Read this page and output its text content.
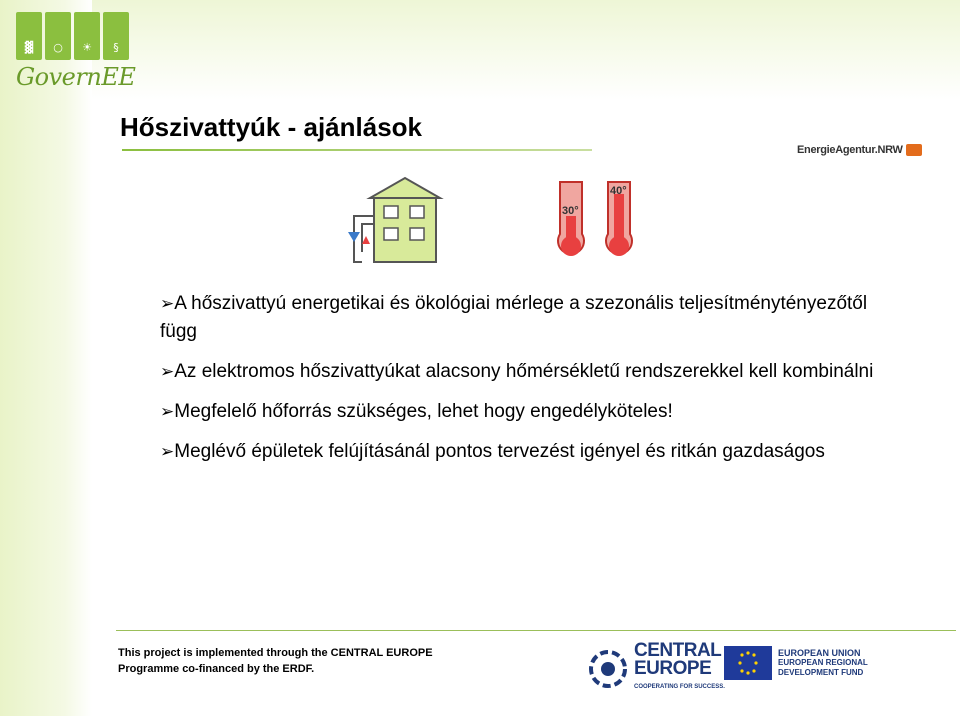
▓	○	☀	§
GovernEE
Hőszivattyúk - ajánlások
EnergieAgentur.NRW
30°
40°
➢A hőszivattyú energetikai és ökológiai mérlege a szezonális teljesítménytényezőtől függ
➢Az elektromos hőszivattyúkat alacsony hőmérsékletű rendszerekkel kell kombinálni
➢Megfelelő hőforrás szükséges, lehet hogy engedélyköteles!
➢Meglévő épületek felújításánál pontos tervezést igényel és ritkán gazdaságos
This project is implemented through the CENTRAL EUROPE
Programme co-financed by the ERDF.
CENTRAL
EUROPE
COOPERATING FOR SUCCESS.
EUROPEAN UNION
EUROPEAN REGIONAL
DEVELOPMENT FUND
